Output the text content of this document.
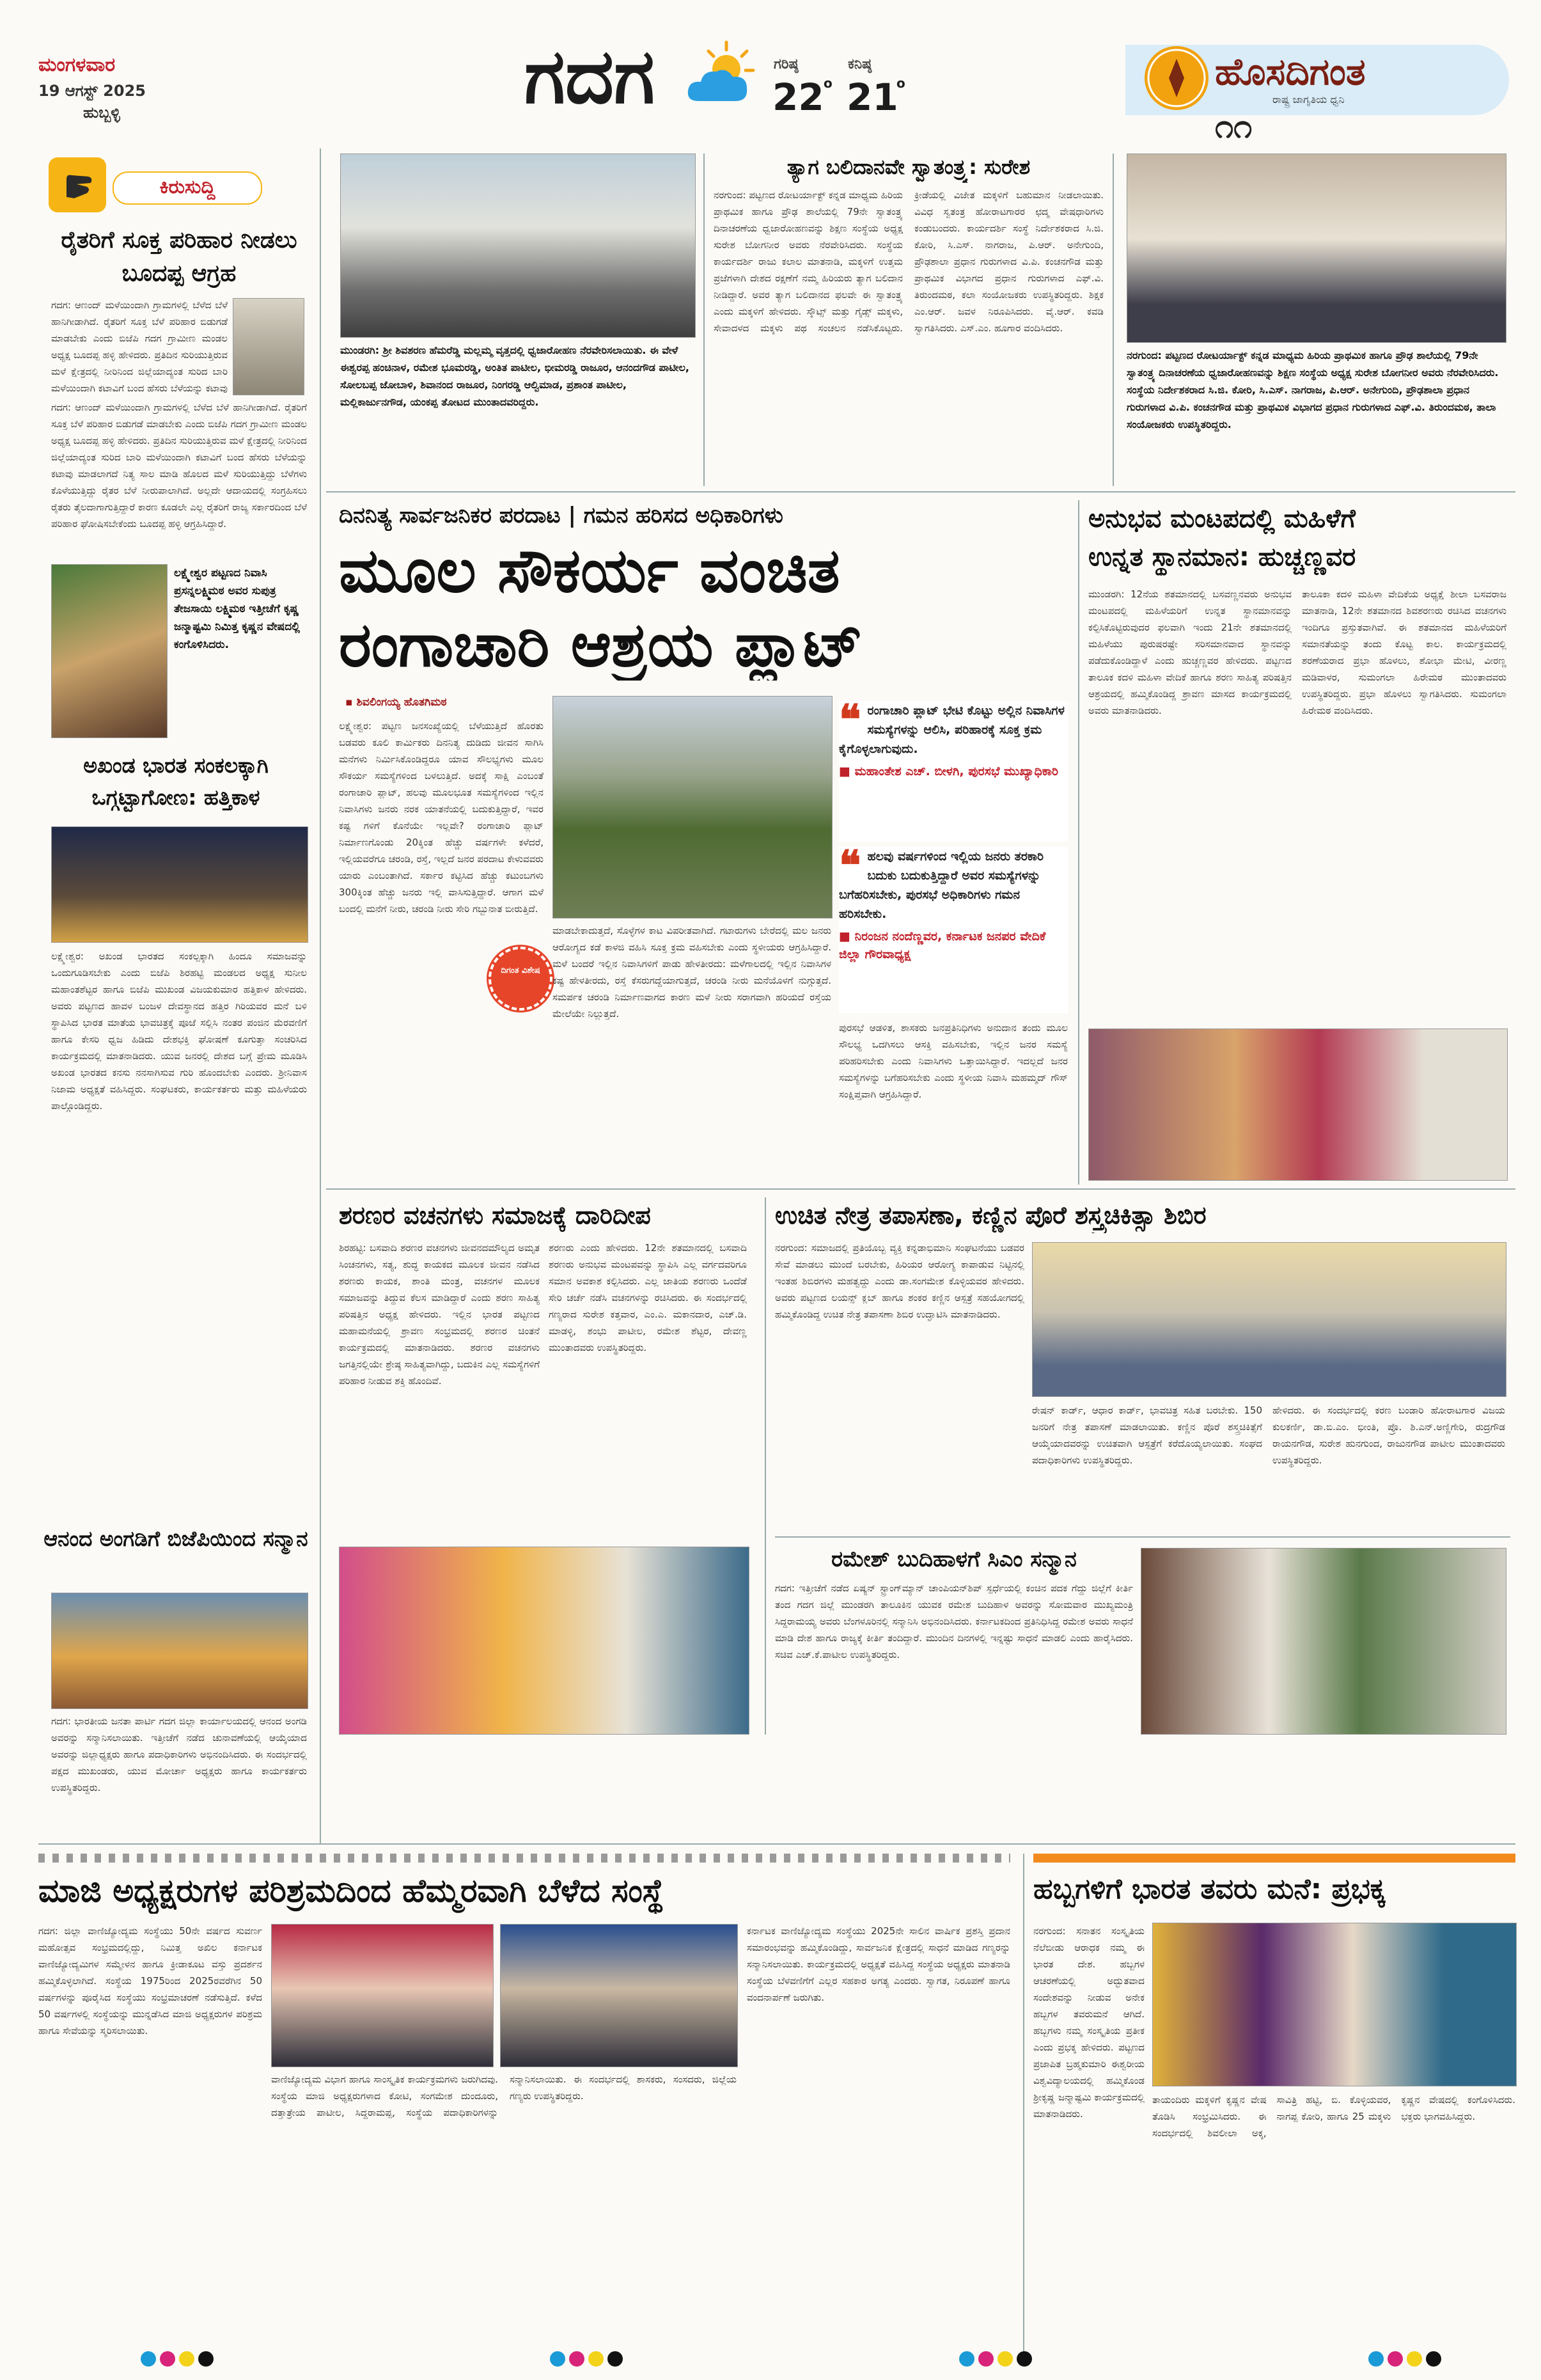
ಮಂಗಳವಾರ
19 ಆಗಸ್ಟ್ 2025
ಹುಬ್ಬಳ್ಳಿ	ಗದಗ	ಗರಿಷ್ಠ
22 o
ಕನಿಷ್ಠ
21
o	ಹೊಸದಿಗಂತ
ರಾಷ್ಟ್ರ ಜಾಗೃತಿಯ ಧ್ವನಿ
೧೧
ಕಿರುಸುದ್ದಿ
ರೈತರಿಗೆ ಸೂಕ್ತ ಪರಿಹಾರ ನೀಡಲು ಬೂದಪ್ಪ ಆಗ್ರಹ
ಗದಗ: ಆಣಂದ್ ಮಳೆಯಿಂದಾಗಿ ಗ್ರಾಮಗಳಲ್ಲಿ ಬೆಳೆದ ಬೆಳೆ ಹಾನಿಗೀಡಾಗಿದೆ. ರೈತರಿಗೆ ಸೂಕ್ತ ಬೆಳೆ ಪರಿಹಾರ ಬಿಡುಗಡೆ ಮಾಡಬೇಕು ಎಂದು ಬಿಜೆಪಿ ಗದಗ ಗ್ರಾಮೀಣ ಮಂಡಲ ಅಧ್ಯಕ್ಷ ಬೂದಪ್ಪ ಹಳ್ಳಿ ಹೇಳಿದರು. ಪ್ರತಿದಿನ ಸುರಿಯುತ್ತಿರುವ ಮಳೆ ಕ್ಷೇತ್ರದಲ್ಲಿ ನೀರಿನಿಂದ ಜಿಲ್ಲೆಯಾದ್ಯಂತ ಸುರಿದ ಬಾರಿ ಮಳೆಯಿಂದಾಗಿ ಕಟಾವಿಗೆ ಬಂದ ಹೆಸರು ಬೆಳೆಯನ್ನು ಕಟಾವು
ಗದಗ: ಆಣಂದ್ ಮಳೆಯಿಂದಾಗಿ ಗ್ರಾಮಗಳಲ್ಲಿ ಬೆಳೆದ ಬೆಳೆ ಹಾನಿಗೀಡಾಗಿದೆ. ರೈತರಿಗೆ ಸೂಕ್ತ ಬೆಳೆ ಪರಿಹಾರ ಬಿಡುಗಡೆ ಮಾಡಬೇಕು ಎಂದು ಬಿಜೆಪಿ ಗದಗ ಗ್ರಾಮೀಣ ಮಂಡಲ ಅಧ್ಯಕ್ಷ ಬೂದಪ್ಪ ಹಳ್ಳಿ ಹೇಳಿದರು. ಪ್ರತಿದಿನ ಸುರಿಯುತ್ತಿರುವ ಮಳೆ ಕ್ಷೇತ್ರದಲ್ಲಿ ನೀರಿನಿಂದ ಜಿಲ್ಲೆಯಾದ್ಯಂತ ಸುರಿದ ಬಾರಿ ಮಳೆಯಿಂದಾಗಿ ಕಟಾವಿಗೆ ಬಂದ ಹೆಸರು ಬೆಳೆಯನ್ನು ಕಟಾವು ಮಾಡಲಾಗದೆ ನಿತ್ಯ ಸಾಲ ಮಾಡಿ ಹೊಲದ ಮಳೆ ಸುರಿಯುತ್ತಿದ್ದು ಬೆಳೆಗಳು ಕೊಳೆಯುತ್ತಿದ್ದು ರೈತರ ಬೆಳೆ ನೀರುಪಾಲಾಗಿದೆ. ಅಲ್ಲದೇ ಆದಾಯದಲ್ಲಿ ಸಂಗ್ರಹಿಸಲು ರೈತರು ತೈಲದಾಗಾಗುತ್ತಿದ್ದಾರೆ ಕಾರಣ ಕೂಡಲೇ ಎಲ್ಲ ರೈತರಿಗೆ ರಾಜ್ಯ ಸರ್ಕಾರದಿಂದ ಬೆಳೆ ಪರಿಹಾರ ಘೋಷಿಸಬೇಕೆಂದು ಬೂದಪ್ಪ ಹಳ್ಳಿ ಆಗ್ರಹಿಸಿದ್ದಾರೆ.
ಲಕ್ಷ್ಮೇಶ್ವರ ಪಟ್ಟಣದ ನಿವಾಸಿ ಪ್ರಸನ್ನಲಕ್ಷ್ಮಿಮಠ ಅವರ ಸುಪುತ್ರ ತೇಜಸಾಯಿ ಲಕ್ಷ್ಮಿಮಠ ಇತ್ತೀಚೆಗೆ ಕೃಷ್ಣ ಜನ್ಮಾಷ್ಟಮಿ ನಿಮಿತ್ತ ಕೃಷ್ಣನ ವೇಷದಲ್ಲಿ ಕಂಗೊಳಿಸಿದರು.
ಅಖಂಡ ಭಾರತ ಸಂಕಲಕ್ಕಾಗಿ ಒಗ್ಗಟ್ಟಾಗೋಣ: ಹತ್ತಿಕಾಳ
ಲಕ್ಷ್ಮೇಶ್ವರ: ಅಖಂಡ ಭಾರತದ ಸಂಕಲ್ಪಕ್ಕಾಗಿ ಹಿಂದೂ ಸಮಾಜವನ್ನು ಒಂದುಗೂಡಿಸಬೇಕು ಎಂದು ಬಿಜೆಪಿ ಶಿರಹಟ್ಟಿ ಮಂಡಲದ ಅಧ್ಯಕ್ಷ ಸುನೀಲ ಮಹಾಂತಶೆಟ್ಟರ ಹಾಗೂ ಬಿಜೆಪಿ ಮುಖಂಡ ವಿಜಯಕುಮಾರ ಹತ್ತಿಕಾಳ ಹೇಳಿದರು. ಅವರು ಪಟ್ಟಣದ ಹಾವಳ ಬಂಜಳ ದೇವಸ್ಥಾನದ ಹತ್ತಿರ ಗಿರಿಯವರ ಮನೆ ಬಳಿ ಸ್ಥಾಪಿಸಿದ ಭಾರತ ಮಾತೆಯ ಭಾವಚಿತ್ರಕ್ಕೆ ಪೂಜೆ ಸಲ್ಲಿಸಿ ನಂತರ ಪಂಜಿನ ಮೆರವಣಿಗೆ ಹಾಗೂ ಕೇಸರಿ ಧ್ವಜ ಹಿಡಿದು ದೇಶಭಕ್ತಿ ಘೋಷಣೆ ಕೂಗುತ್ತಾ ಸಂಚರಿಸಿದ ಕಾರ್ಯಕ್ರಮದಲ್ಲಿ ಮಾತನಾಡಿದರು. ಯುವ ಜನರಲ್ಲಿ ದೇಶದ ಬಗ್ಗೆ ಪ್ರೇಮ ಮೂಡಿಸಿ ಅಖಂಡ ಭಾರತದ ಕನಸು ನನಸಾಗಿಸುವ ಗುರಿ ಹೊಂದಬೇಕು ಎಂದರು. ಶ್ರೀನಿವಾಸ ನಿಜಾಮ ಅಧ್ಯಕ್ಷತೆ ವಹಿಸಿದ್ದರು. ಸಂಘಟಕರು, ಕಾರ್ಯಕರ್ತರು ಮತ್ತು ಮಹಿಳೆಯರು ಪಾಲ್ಗೊಂಡಿದ್ದರು.
ಆನಂದ ಅಂಗಡಿಗೆ ಬಿಜೆಪಿಯಿಂದ ಸನ್ಮಾನ
ಗದಗ: ಭಾರತೀಯ ಜನತಾ ಪಾರ್ಟಿ ಗದಗ ಜಿಲ್ಲಾ ಕಾರ್ಯಾಲಯದಲ್ಲಿ ಆನಂದ ಅಂಗಡಿ ಅವರನ್ನು ಸನ್ಮಾನಿಸಲಾಯಿತು. ಇತ್ತೀಚೆಗೆ ನಡೆದ ಚುನಾವಣೆಯಲ್ಲಿ ಆಯ್ಕೆಯಾದ ಅವರನ್ನು ಜಿಲ್ಲಾಧ್ಯಕ್ಷರು ಹಾಗೂ ಪದಾಧಿಕಾರಿಗಳು ಅಭಿನಂದಿಸಿದರು. ಈ ಸಂದರ್ಭದಲ್ಲಿ ಪಕ್ಷದ ಮುಖಂಡರು, ಯುವ ಮೋರ್ಚಾ ಅಧ್ಯಕ್ಷರು ಹಾಗೂ ಕಾರ್ಯಕರ್ತರು ಉಪಸ್ಥಿತರಿದ್ದರು.
ಮುಂಡರಗಿ: ಶ್ರೀ ಶಿವಶರಣ ಹೆಮರೆಡ್ಡಿ ಮಲ್ಲಮ್ಮ ವೃತ್ತದಲ್ಲಿ ಧ್ವಜಾರೋಹಣ ನೆರವೇರಿಸಲಾಯಿತು. ಈ ವೇಳೆ ಈಶ್ವರಪ್ಪ ಹಂಚಿನಾಳ, ರಮೇಶ ಭೂಮರಡ್ಡಿ, ಅಂತಿತ ಪಾಟೀಲ, ಭೀಮರಡ್ಡಿ ರಾಜೂರ, ಆನಂದಗೌಡ ಪಾಟೀಲ, ಸೋಲಬಪ್ಪ ಜೋಬಾಳಿ, ಶಿವಾನಂದ ರಾಜೂರ, ನಿಂಗರಡ್ಡಿ ಆಲ್ವಿಮಾಡ, ಪ್ರಶಾಂತ ಪಾಟೀಲ, ಮಲ್ಲಿಕಾರ್ಜುನಗೌಡ, ಯಂಕಪ್ಪ ತೋಟದ ಮುಂತಾದವರಿದ್ದರು.
ತ್ಯಾಗ ಬಲಿದಾನವೇ ಸ್ವಾತಂತ್ರ್ಯ: ಸುರೇಶ
ನರಗುಂದ: ಪಟ್ಟಣದ ರೋಟರ್ಯಾಕ್ಟ್ ಕನ್ನಡ ಮಾಧ್ಯಮ ಹಿರಿಯ ಪ್ರಾಥಮಿಕ ಹಾಗೂ ಪ್ರೌಢ ಶಾಲೆಯಲ್ಲಿ 79ನೇ ಸ್ವಾತಂತ್ರ್ಯ ದಿನಾಚರಣೆಯ ಧ್ವಜಾರೋಹಣವನ್ನು ಶಿಕ್ಷಣ ಸಂಸ್ಥೆಯ ಅಧ್ಯಕ್ಷ ಸುರೇಶ ಬೋಗನೀರ ಅವರು ನೆರವೇರಿಸಿದರು. ಸಂಸ್ಥೆಯ ಕಾರ್ಯದರ್ಶಿ ರಾಜು ಕಲಾಲ ಮಾತನಾಡಿ, ಮಕ್ಕಳಿಗೆ ಉತ್ತಮ ಪ್ರಜೆಗಳಾಗಿ ದೇಶದ ರಕ್ಷಣೆಗೆ ನಮ್ಮ ಹಿರಿಯರು ತ್ಯಾಗ ಬಲಿದಾನ ನೀಡಿದ್ದಾರೆ. ಅವರ ತ್ಯಾಗ ಬಲಿದಾನದ ಫಲವೇ ಈ ಸ್ವಾತಂತ್ರ್ಯ ಎಂದು ಮಕ್ಕಳಿಗೆ ಹೇಳಿದರು. ಸ್ಕೌಟ್ಸ್ ಮತ್ತು ಗೈಡ್ಸ್ ಮಕ್ಕಳು, ಸೇವಾದಳದ ಮಕ್ಕಳು ಪಥ ಸಂಚಲನ ನಡೆಸಿಕೊಟ್ಟರು. ಕ್ರೀಡೆಯಲ್ಲಿ ವಿಜೇತ ಮಕ್ಕಳಿಗೆ ಬಹುಮಾನ ನೀಡಲಾಯಿತು. ವಿವಿಧ ಸ್ವತಂತ್ರ ಹೋರಾಟಗಾರರ ಛದ್ಮ ವೇಷಧಾರಿಗಳು ಕಂಡುಬಂದರು. ಕಾರ್ಯದರ್ಶಿ ಸಂಸ್ಥೆ ನಿರ್ದೇಶಕರಾದ ಸಿ.ಜಿ. ಕೋರಿ, ಸಿ.ಎಸ್. ನಾಗರಾಜ, ಪಿ.ಆರ್. ಅನೇಗುಂದಿ, ಪ್ರೌಢಶಾಲಾ ಪ್ರಧಾನ ಗುರುಗಳಾದ ವಿ.ಪಿ. ಕಂಚನಗೌಡ ಮತ್ತು ಪ್ರಾಥಮಿಕ ವಿಭಾಗದ ಪ್ರಧಾನ ಗುರುಗಳಾದ ಎಫ್.ವಿ. ತಿರುಂದಮಠ, ಕಲಾ ಸಂಯೋಜಕರು ಉಪಸ್ಥಿತರಿದ್ದರು. ಶಿಕ್ಷಕ ಎಂ.ಆರ್. ಜವಳ ನಿರೂಪಿಸಿದರು. ವೈ.ಆರ್. ಕವಡಿ ಸ್ವಾಗತಿಸಿದರು. ಎಸ್.ಎಂ. ಹೂಗಾರ ವಂದಿಸಿದರು.
ನರಗುಂದ: ಪಟ್ಟಣದ ರೋಟರ್ಯಾಕ್ಟ್ ಕನ್ನಡ ಮಾಧ್ಯಮ ಹಿರಿಯ ಪ್ರಾಥಮಿಕ ಹಾಗೂ ಪ್ರೌಢ ಶಾಲೆಯಲ್ಲಿ 79ನೇ ಸ್ವಾತಂತ್ರ್ಯ ದಿನಾಚರಣೆಯ ಧ್ವಜಾರೋಹಣವನ್ನು ಶಿಕ್ಷಣ ಸಂಸ್ಥೆಯ ಅಧ್ಯಕ್ಷ ಸುರೇಶ ಬೋಗನೀರ ಅವರು ನೆರವೇರಿಸಿದರು. ಸಂಸ್ಥೆಯ ನಿರ್ದೇಶಕರಾದ ಸಿ.ಜಿ. ಕೋರಿ, ಸಿ.ಎಸ್. ನಾಗರಾಜ, ಪಿ.ಆರ್. ಅನೇಗುಂದಿ, ಪ್ರೌಢಶಾಲಾ ಪ್ರಧಾನ ಗುರುಗಳಾದ ವಿ.ಪಿ. ಕಂಚನಗೌಡ ಮತ್ತು ಪ್ರಾಥಮಿಕ ವಿಭಾಗದ ಪ್ರಧಾನ ಗುರುಗಳಾದ ಎಫ್.ವಿ. ತಿರುಂದಮಠ, ತಾಲಾ ಸಂಯೋಜಕರು ಉಪಸ್ಥಿತರಿದ್ದರು.
ದಿನನಿತ್ಯ ಸಾರ್ವಜನಿಕರ ಪರದಾಟ | ಗಮನ ಹರಿಸದ ಅಧಿಕಾರಿಗಳು
ಮೂಲ ಸೌಕರ್ಯ ವಂಚಿತ
ರಂಗಾಚಾರಿ ಆಶ್ರಯ ಪ್ಲಾಟ್
▪ ಶಿವಲಿಂಗಯ್ಯ ಹೊತಗಿಮಠ
ಲಕ್ಷ್ಮೇಶ್ವರ: ಪಟ್ಟಣ ಜನಸಂಖ್ಯೆಯಲ್ಲಿ ಬೆಳೆಯುತ್ತಿದೆ ಹೊರತು ಬಡವರು ಕೂಲಿ ಕಾರ್ಮಿಕರು ದಿನನಿತ್ಯ ದುಡಿದು ಜೀವನ ಸಾಗಿಸಿ ಮನೆಗಳು ನಿರ್ಮಿಸಿಕೊಂಡಿದ್ದರೂ ಯಾವ ಸೌಲಭ್ಯಗಳು ಮೂಲ ಸೌಕರ್ಯ ಸಮಸ್ಯೆಗಳಿಂದ ಬಳಲುತ್ತಿದೆ. ಅದಕ್ಕೆ ಸಾಕ್ಷಿ ಎಂಬಂತೆ ರಂಗಾಚಾರಿ ಪ್ಲಾಟ್, ಹಲವು ಮೂಲಭೂತ ಸಮಸ್ಯೆಗಳಿಂದ ಇಲ್ಲಿನ ನಿವಾಸಿಗಳು ಜನರು ನರಕ ಯಾತನೆಯಲ್ಲಿ ಬದುಕುತ್ತಿದ್ದಾರೆ, ಇವರ ಕಷ್ಟ ಗಳಿಗೆ ಕೊನೆಯೇ ಇಲ್ಲವೇ? ರಂಗಾಚಾರಿ ಪ್ಲಾಟ್ ನಿರ್ಮಾಣಗೊಂಡು 20ಕ್ಕಿಂತ ಹೆಚ್ಚು ವರ್ಷಗಳೇ ಕಳೆದರೆ, ಇಲ್ಲಿಯವರೆಗೂ ಚರಂಡಿ, ರಸ್ತೆ, ಇಲ್ಲದೆ ಜನರ ಪರದಾಟ ಕೇಳುವವರು ಯಾರು ಎಂಬಂತಾಗಿದೆ. ಸರ್ಕಾರ ಕಟ್ಟಿಸಿದ ಹೆಚ್ಚು ಕಟುಂಬಗಳು 300ಕ್ಕಿಂತ ಹೆಚ್ಚು ಜನರು ಇಲ್ಲಿ ವಾಸಿಸುತ್ತಿದ್ದಾರೆ. ಆಗಾಗ ಮಳೆ ಬಂದಲ್ಲಿ ಮನೆಗೆ ನೀರು, ಚರಂಡಿ ನೀರು ಸೇರಿ ಗಬ್ಬುನಾತ ಬೀರುತ್ತಿದೆ.
ದಿಗಂತ ವಿಶೇಷ
ಮಾಡಬೇಕಾದುತ್ತದೆ, ಸೊಳ್ಳೆಗಳ ಕಾಟ ವಿಪರೀತವಾಗಿದೆ. ಗಟಾರುಗಳು ಬೇರೆದಲ್ಲಿ ಮಲ ಜನರು ಆರೋಗ್ಯದ ಕಡೆ ಕಾಳಜಿ ವಹಿಸಿ ಸೂಕ್ತ ಕ್ರಮ ವಹಿಸಬೇಕು ಎಂದು ಸ್ಥಳೀಯರು ಆಗ್ರಹಿಸಿದ್ದಾರೆ. ಮಳೆ ಬಂದರೆ ಇಲ್ಲಿನ ನಿವಾಸಿಗಳಿಗೆ ಪಾಡು ಹೇಳತೀರದು: ಮಳೆಗಾಲದಲ್ಲಿ ಇಲ್ಲಿನ ನಿವಾಸಿಗಳ ಕಷ್ಟ ಹೇಳತೀರದು, ರಸ್ತೆ ಕೆಸರುಗದ್ದೆಯಾಗುತ್ತದೆ, ಚರಂಡಿ ನೀರು ಮನೆಯೊಳಗೆ ನುಗ್ಗುತ್ತದೆ. ಸಮರ್ಪಕ ಚರಂಡಿ ನಿರ್ಮಾಣವಾಗದ ಕಾರಣ ಮಳೆ ನೀರು ಸರಾಗವಾಗಿ ಹರಿಯದೆ ರಸ್ತೆಯ ಮೇಲೆಯೇ ನಿಲ್ಲುತ್ತದೆ.
❝ ರಂಗಾಚಾರಿ ಪ್ಲಾಟ್ ಭೇಟಿ ಕೊಟ್ಟು ಅಲ್ಲಿನ ನಿವಾಸಿಗಳ ಸಮಸ್ಯೆಗಳನ್ನು ಆಲಿಸಿ, ಪರಿಹಾರಕ್ಕೆ ಸೂಕ್ತ ಕ್ರಮ ಕೈಗೊಳ್ಳಲಾಗುವುದು.
■ ಮಹಾಂತೇಶ ಎಚ್. ಬೀಳಗಿ, ಪುರಸಭೆ ಮುಖ್ಯಾಧಿಕಾರಿ
❝ ಹಲವು ವರ್ಷಗಳಿಂದ ಇಲ್ಲಿಯ ಜನರು ತರಕಾರಿ ಬದುಕು ಬದುಕುತ್ತಿದ್ದಾರೆ ಅವರ ಸಮಸ್ಯೆಗಳನ್ನು ಬಗೆಹರಿಸಬೇಕು, ಪುರಸಭೆ ಅಧಿಕಾರಿಗಳು ಗಮನ ಹರಿಸಬೇಕು.
■ ನಿರಂಜನ ನಂದೆಣ್ಣವರ, ಕರ್ನಾಟಕ ಜನಪರ ವೇದಿಕೆ ಜಿಲ್ಲಾ ಗೌರವಾಧ್ಯಕ್ಷ
ಪುರಸಭೆ ಆಡಳಿತ, ಶಾಸಕರು ಜನಪ್ರತಿನಿಧಿಗಳು ಅನುದಾನ ತಂದು ಮೂಲ ಸೌಲಭ್ಯ ಒದಗಿಸಲು ಆಸಕ್ತಿ ವಹಿಸಬೇಕು, ಇಲ್ಲಿನ ಜನರ ಸಮಸ್ಯೆ ಪರಿಹರಿಸಬೇಕು ಎಂದು ನಿವಾಸಿಗಳು ಒತ್ತಾಯಿಸಿದ್ದಾರೆ. ಇದಲ್ಲದೆ ಜನರ ಸಮಸ್ಯೆಗಳನ್ನು ಬಗೆಹರಿಸಬೇಕು ಎಂದು ಸ್ಥಳೀಯ ನಿವಾಸಿ ಮಹಮ್ಮದ್ ಗೌಸ್ ಸಂಕ್ಷಿಪ್ತವಾಗಿ ಆಗ್ರಹಿಸಿದ್ದಾರೆ.
ಅನುಭವ ಮಂಟಪದಲ್ಲಿ ಮಹಿಳೆಗೆ
ಉನ್ನತ ಸ್ಥಾನಮಾನ: ಹುಚ್ಚಣ್ಣವರ
ಮುಂಡರಗಿ: 12ನೆಯ ಶತಮಾನದಲ್ಲಿ ಬಸವಣ್ಣನವರು ಅನುಭವ ಮಂಟಪದಲ್ಲಿ ಮಹಿಳೆಯರಿಗೆ ಉನ್ನತ ಸ್ಥಾನಮಾನವನ್ನು ಕಲ್ಪಿಸಿಕೊಟ್ಟಿರುವುದರ ಫಲವಾಗಿ ಇಂದು 21ನೇ ಶತಮಾನದಲ್ಲಿ ಮಹಿಳೆಯು ಪುರುಷರಷ್ಟೇ ಸರಿಸಮಾನವಾದ ಸ್ಥಾನವನ್ನು ಪಡೆದುಕೊಂಡಿದ್ದಾಳೆ ಎಂದು ಹುಚ್ಚಣ್ಣವರ ಹೇಳಿದರು. ಪಟ್ಟಣದ ತಾಲೂಕ ಕದಳಿ ಮಹಿಳಾ ವೇದಿಕೆ ಹಾಗೂ ಶರಣ ಸಾಹಿತ್ಯ ಪರಿಷತ್ತಿನ ಆಶ್ರಯದಲ್ಲಿ ಹಮ್ಮಿಕೊಂಡಿದ್ದ ಶ್ರಾವಣ ಮಾಸದ ಕಾರ್ಯಕ್ರಮದಲ್ಲಿ ಅವರು ಮಾತನಾಡಿದರು.
ತಾಲೂಕಾ ಕದಳಿ ಮಹಿಳಾ ವೇದಿಕೆಯ ಅಧ್ಯಕ್ಷೆ ಶೀಲಾ ಬಸವರಾಜ ಮಾತನಾಡಿ, 12ನೇ ಶತಮಾನದ ಶಿವಶರಣರು ರಚಿಸಿದ ವಚನಗಳು ಇಂದಿಗೂ ಪ್ರಸ್ತುತವಾಗಿವೆ. ಈ ಶತಮಾನದ ಮಹಿಳೆಯರಿಗೆ ಸಮಾನತೆಯನ್ನು ತಂದು ಕೊಟ್ಟ ಕಾಲ. ಕಾರ್ಯಕ್ರಮದಲ್ಲಿ ಶರಣೆಯರಾದ ಪ್ರಭಾ ಹೊಳಲು, ಶೋಭಾ ಮೇಟಿ, ವೀರಣ್ಣ ಮಡಿವಾಳರ, ಸುಮಂಗಲಾ ಹಿರೇಮಠ ಮುಂತಾದವರು ಉಪಸ್ಥಿತರಿದ್ದರು. ಪ್ರಭಾ ಹೊಳಲು ಸ್ವಾಗತಿಸಿದರು. ಸುಮಂಗಲಾ ಹಿರೇಮಠ ವಂದಿಸಿದರು.
ಶರಣರ ವಚನಗಳು ಸಮಾಜಕ್ಕೆ ದಾರಿದೀಪ
ಶಿರಹಟ್ಟಿ: ಬಸವಾದಿ ಶರಣರ ವಚನಗಳು ಜೀವನದಮೌಲ್ಯದ ಅಮೃತ ಸಿಂಚನಗಳು, ಸತ್ಯ, ಶುದ್ಧ ಕಾಯಕದ ಮೂಲಕ ಜೀವನ ನಡೆಸಿದ ಶರಣರು ಕಾಯಕ, ಶಾಂತಿ ಮಂತ್ರ, ವಚನಗಳ ಮೂಲಕ ಸಮಾಜವನ್ನು ತಿದ್ದುವ ಕೆಲಸ ಮಾಡಿದ್ದಾರೆ ಎಂದು ಶರಣ ಸಾಹಿತ್ಯ ಪರಿಷತ್ತಿನ ಅಧ್ಯಕ್ಷ ಹೇಳಿದರು. ಇಲ್ಲಿನ ಭಾರತ ಪಟ್ಟಣದ ಮಹಾಮನೆಯಲ್ಲಿ ಶ್ರಾವಣ ಸಂಭ್ರಮದಲ್ಲಿ ಶರಣರ ಚಿಂತನೆ ಕಾರ್ಯಕ್ರಮದಲ್ಲಿ ಮಾತನಾಡಿದರು. ಶರಣರ ವಚನಗಳು ಜಗತ್ತಿನಲ್ಲಿಯೇ ಶ್ರೇಷ್ಠ ಸಾಹಿತ್ಯವಾಗಿದ್ದು, ಬದುಕಿನ ಎಲ್ಲ ಸಮಸ್ಯೆಗಳಿಗೆ ಪರಿಹಾರ ನೀಡುವ ಶಕ್ತಿ ಹೊಂದಿವೆ.
ಶರಣರು ಎಂದು ಹೇಳಿದರು. 12ನೇ ಶತಮಾನದಲ್ಲಿ ಬಸವಾದಿ ಶರಣರು ಅನುಭವ ಮಂಟಪವನ್ನು ಸ್ಥಾಪಿಸಿ ಎಲ್ಲ ವರ್ಗದವರಿಗೂ ಸಮಾನ ಅವಕಾಶ ಕಲ್ಪಿಸಿದರು. ಎಲ್ಲ ಜಾತಿಯ ಶರಣರು ಒಂದೆಡೆ ಸೇರಿ ಚರ್ಚೆ ನಡೆಸಿ ವಚನಗಳನ್ನು ರಚಿಸಿದರು. ಈ ಸಂದರ್ಭದಲ್ಲಿ ಗಣ್ಯರಾದ ಸುರೇಶ ಕತ್ತವಾರ, ಎಂ.ಎ. ಮಕಾನದಾರ, ಎಚ್.ಡಿ. ಮಾಡಳ್ಳಿ, ಶಂಭು ಪಾಟೀಲ, ರಮೇಶ ಶೆಟ್ಟರ, ದೇವಣ್ಣ ಮುಂತಾದವರು ಉಪಸ್ಥಿತರಿದ್ದರು.
ಉಚಿತ ನೇತ್ರ ತಪಾಸಣಾ, ಕಣ್ಣಿನ ಪೊರೆ ಶಸ್ತ್ರಚಿಕಿತ್ಸಾ ಶಿಬಿರ
ನರಗುಂದ: ಸಮಾಜದಲ್ಲಿ ಪ್ರತಿಯೊಬ್ಬ ವ್ಯಕ್ತಿ ಕನ್ನಡಾಭಿಮಾನಿ ಸಂಘಟನೆಯು ಬಡವರ ಸೇವೆ ಮಾಡಲು ಮುಂದೆ ಬರಬೇಕು, ಹಿರಿಯರ ಆರೋಗ್ಯ ಕಾಪಾಡುವ ನಿಟ್ಟಿನಲ್ಲಿ ಇಂತಹ ಶಿಬಿರಗಳು ಮಹತ್ವದ್ದು ಎಂದು ಡಾ.ಸಂಗಮೇಶ ಕೊಳ್ಳಿಯವರ ಹೇಳಿದರು. ಅವರು ಪಟ್ಟಣದ ಲಯನ್ಸ್ ಕ್ಲಬ್ ಹಾಗೂ ಶಂಕರ ಕಣ್ಣಿನ ಆಸ್ಪತ್ರೆ ಸಹಯೋಗದಲ್ಲಿ ಹಮ್ಮಿಕೊಂಡಿದ್ದ ಉಚಿತ ನೇತ್ರ ತಪಾಸಣಾ ಶಿಬಿರ ಉದ್ಘಾಟಿಸಿ ಮಾತನಾಡಿದರು.
ರೇಷನ್ ಕಾರ್ಡ್, ಆಧಾರ ಕಾರ್ಡ್, ಭಾವಚಿತ್ರ ಸಹಿತ ಬರಬೇಕು. 150 ಜನರಿಗೆ ನೇತ್ರ ತಪಾಸಣೆ ಮಾಡಲಾಯಿತು. ಕಣ್ಣಿನ ಪೊರೆ ಶಸ್ತ್ರಚಿಕಿತ್ಸೆಗೆ ಆಯ್ಕೆಯಾದವರನ್ನು ಉಚಿತವಾಗಿ ಆಸ್ಪತ್ರೆಗೆ ಕರೆದೊಯ್ಯಲಾಯಿತು. ಸಂಘದ ಪದಾಧಿಕಾರಿಗಳು ಉಪಸ್ಥಿತರಿದ್ದರು.
ಹೇಳಿದರು. ಈ ಸಂದರ್ಭದಲ್ಲಿ ಕರಣ ಬಂಡಾರಿ ಹೋರಾಟಗಾರ ವಿಜಯ ಕುಲಕರ್ಣಿ, ಡಾ.ಬಿ.ಎಂ. ಭೀಂತಿ, ಪ್ರೊ. ಶಿ.ಎನ್.ಅಣ್ಣಿಗೇರಿ, ರುದ್ರಗೌಡ ರಾಯನಗೌಡ, ಸುರೇಶ ಹುನಗುಂದ, ರಾಜುನಗೌಡ ಪಾಟೀಲ ಮುಂತಾದವರು ಉಪಸ್ಥಿತರಿದ್ದರು.
ರಮೇಶ್ ಬುದಿಹಾಳಗೆ ಸಿಎಂ ಸನ್ಮಾನ
ಗದಗ: ಇತ್ತೀಚೆಗೆ ನಡೆದ ಏಷ್ಯನ್ ಸ್ಟ್ರಾಂಗ್‌ಮ್ಯಾನ್ ಚಾಂಪಿಯನ್‌ಶಿಪ್ ಸ್ಪರ್ಧೆಯಲ್ಲಿ ಕಂಚಿನ ಪದಕ ಗೆದ್ದು ಜಿಲ್ಲೆಗೆ ಕೀರ್ತಿ ತಂದ ಗದಗ ಜಿಲ್ಲೆ ಮುಂಡರಗಿ ತಾಲೂಕಿನ ಯುವಕ ರಮೇಶ ಬುದಿಹಾಳ ಅವರನ್ನು ಸೋಮವಾರ ಮುಖ್ಯಮಂತ್ರಿ ಸಿದ್ದರಾಮಯ್ಯ ಅವರು ಬೆಂಗಳೂರಿನಲ್ಲಿ ಸನ್ಮಾನಿಸಿ ಅಭಿನಂದಿಸಿದರು. ಕರ್ನಾಟಕದಿಂದ ಪ್ರತಿನಿಧಿಸಿದ್ದ ರಮೇಶ ಅವರು ಸಾಧನೆ ಮಾಡಿ ದೇಶ ಹಾಗೂ ರಾಜ್ಯಕ್ಕೆ ಕೀರ್ತಿ ತಂದಿದ್ದಾರೆ. ಮುಂದಿನ ದಿನಗಳಲ್ಲಿ ಇನ್ನಷ್ಟು ಸಾಧನೆ ಮಾಡಲಿ ಎಂದು ಹಾರೈಸಿದರು. ಸಚಿವ ಎಚ್.ಕೆ.ಪಾಟೀಲ ಉಪಸ್ಥಿತರಿದ್ದರು.
ಮಾಜಿ ಅಧ್ಯಕ್ಷರುಗಳ ಪರಿಶ್ರಮದಿಂದ ಹೆಮ್ಮರವಾಗಿ ಬೆಳೆದ ಸಂಸ್ಥೆ
ಗದಗ: ಜಿಲ್ಲಾ ವಾಣಿಜ್ಯೋದ್ಯಮ ಸಂಸ್ಥೆಯು 50ನೇ ವರ್ಷದ ಸುವರ್ಣ ಮಹೋತ್ಸವ ಸಂಭ್ರಮದಲ್ಲಿದ್ದು, ನಿಮಿತ್ತ ಅಖಿಲ ಕರ್ನಾಟಕ ವಾಣಿಜ್ಯೋದ್ಯಮಿಗಳ ಸಮ್ಮೇಳನ ಹಾಗೂ ಕ್ರೀಡಾಕೂಟ ವಸ್ತು ಪ್ರದರ್ಶನ ಹಮ್ಮಿಕೊಳ್ಳಲಾಗಿದೆ. ಸಂಸ್ಥೆಯ 1975ರಿಂದ 2025ರವರೆಗಿನ 50 ವರ್ಷಗಳನ್ನು ಪೂರೈಸಿದ ಸಂಸ್ಥೆಯು ಸಂಭ್ರಮಾಚರಣೆ ನಡೆಸುತ್ತಿದೆ. ಕಳೆದ 50 ವರ್ಷಗಳಲ್ಲಿ ಸಂಸ್ಥೆಯನ್ನು ಮುನ್ನಡೆಸಿದ ಮಾಜಿ ಅಧ್ಯಕ್ಷರುಗಳ ಪರಿಶ್ರಮ ಹಾಗೂ ಸೇವೆಯನ್ನು ಸ್ಮರಿಸಲಾಯಿತು.
ವಾಣಿಜ್ಯೋದ್ಯಮ ವಿಭಾಗ ಹಾಗೂ ಸಾಂಸ್ಕೃತಿಕ ಕಾರ್ಯಕ್ರಮಗಳು ಜರುಗಿದವು. ಸಂಸ್ಥೆಯ ಮಾಜಿ ಅಧ್ಯಕ್ಷರುಗಳಾದ ಕೋಟಿ, ಸಂಗಮೇಶ ದುಂದೂರು, ದತ್ತಾತ್ರೇಯ ಪಾಟೀಲ, ಸಿದ್ದರಾಮಪ್ಪ, ಸಂಸ್ಥೆಯ ಪದಾಧಿಕಾರಿಗಳನ್ನು ಸನ್ಮಾನಿಸಲಾಯಿತು. ಈ ಸಂದರ್ಭದಲ್ಲಿ ಶಾಸಕರು, ಸಂಸದರು, ಜಿಲ್ಲೆಯ ಗಣ್ಯರು ಉಪಸ್ಥಿತರಿದ್ದರು.
ಕರ್ನಾಟಕ ವಾಣಿಜ್ಯೋದ್ಯಮ ಸಂಸ್ಥೆಯು 2025ನೇ ಸಾಲಿನ ವಾರ್ಷಿಕ ಪ್ರಶಸ್ತಿ ಪ್ರದಾನ ಸಮಾರಂಭವನ್ನು ಹಮ್ಮಿಕೊಂಡಿದ್ದು, ಸಾರ್ವಜನಿಕ ಕ್ಷೇತ್ರದಲ್ಲಿ ಸಾಧನೆ ಮಾಡಿದ ಗಣ್ಯರನ್ನು ಸನ್ಮಾನಿಸಲಾಯಿತು. ಕಾರ್ಯಕ್ರಮದಲ್ಲಿ ಅಧ್ಯಕ್ಷತೆ ವಹಿಸಿದ್ದ ಸಂಸ್ಥೆಯ ಅಧ್ಯಕ್ಷರು ಮಾತನಾಡಿ ಸಂಸ್ಥೆಯ ಬೆಳವಣಿಗೆಗೆ ಎಲ್ಲರ ಸಹಕಾರ ಅಗತ್ಯ ಎಂದರು. ಸ್ವಾಗತ, ನಿರೂಪಣೆ ಹಾಗೂ ವಂದನಾರ್ಪಣೆ ಜರುಗಿತು.
ಹಬ್ಬಗಳಿಗೆ ಭಾರತ ತವರು ಮನೆ: ಪ್ರಭಕ್ಕ
ನರಗುಂದ: ಸನಾತನ ಸಂಸ್ಕೃತಿಯ ನೆಲೆಬೀಡು ಆರಾಧಕ ನಮ್ಮ ಈ ಭಾರತ ದೇಶ. ಹಬ್ಬಗಳ ಆಚರಣೆಯಲ್ಲಿ ಅದ್ಭುತವಾದ ಸಂದೇಶವನ್ನು ನೀಡುವ ಅನೇಕ ಹಬ್ಬಗಳ ತವರುಮನೆ ಆಗಿದೆ. ಹಬ್ಬಗಳು ನಮ್ಮ ಸಂಸ್ಕೃತಿಯ ಪ್ರತೀಕ ಎಂದು ಪ್ರಭಕ್ಕ ಹೇಳಿದರು. ಪಟ್ಟಣದ ಪ್ರಜಾಪಿತ ಬ್ರಹ್ಮಕುಮಾರಿ ಈಶ್ವರೀಯ ವಿಶ್ವವಿದ್ಯಾಲಯದಲ್ಲಿ ಹಮ್ಮಿಕೊಂಡ ಶ್ರೀಕೃಷ್ಣ ಜನ್ಮಾಷ್ಟಮಿ ಕಾರ್ಯಕ್ರಮದಲ್ಲಿ ಮಾತನಾಡಿದರು.
ತಾಯಂದಿರು ಮಕ್ಕಳಿಗೆ ಕೃಷ್ಣನ ವೇಷ ತೊಡಿಸಿ ಸಂಭ್ರಮಿಸಿದರು. ಈ ಸಂದರ್ಭದಲ್ಲಿ ಶಿವಲೀಲಾ ಅಕ್ಕ, ಸಾವಿತ್ರಿ ಹಟ್ಟಿ, ಬಿ. ಕೊಳ್ಳಿಯವರ, ನಾಗಪ್ಪ ಕೋರಿ, ಹಾಗೂ 25 ಮಕ್ಕಳು ಕೃಷ್ಣನ ವೇಷದಲ್ಲಿ ಕಂಗೊಳಿಸಿದರು. ಭಕ್ತರು ಭಾಗವಹಿಸಿದ್ದರು.
